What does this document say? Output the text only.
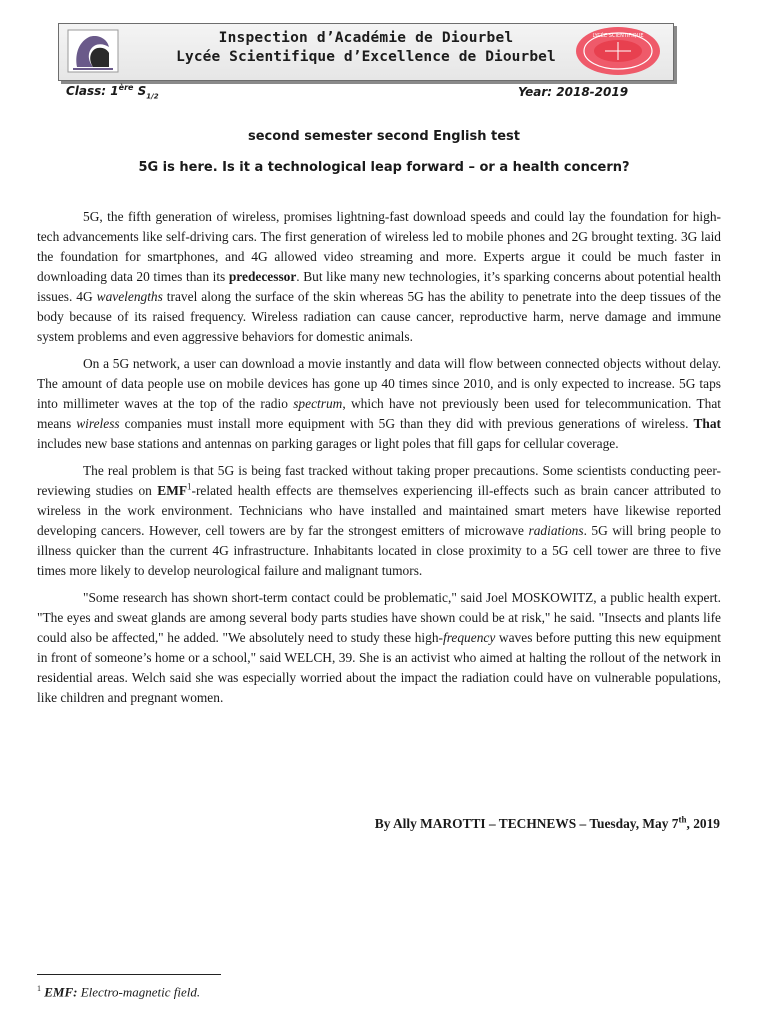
Inspection d’Académie de Diourbel
Lycée Scientifique d’Excellence de Diourbel
LYCÉE SCIENTIFIQUE
Class: 1ère $S_{1/2}$	Year: 2018-2019
second semester second English test
5G is here. Is it a technological leap forward – or a health concern?

5G, the fifth generation of wireless, promises lightning-fast download speeds and could lay the foundation for high-tech advancements like self-driving cars. The first generation of wireless led to mobile phones and 2G brought texting. 3G laid the foundation for smartphones, and 4G allowed video streaming and more. Experts argue it could be much faster in downloading data 20 times than its predecessor. But like many new technologies, it’s sparking concerns about potential health issues. 4G wavelengths travel along the surface of the skin whereas 5G has the ability to penetrate into the deep tissues of the body because of its raised frequency. Wireless radiation can cause cancer, reproductive harm, nerve damage and immune system problems and even aggressive behaviors for domestic animals.

On a 5G network, a user can download a movie instantly and data will flow between connected objects without delay. The amount of data people use on mobile devices has gone up 40 times since 2010, and is only expected to increase. 5G taps into millimeter waves at the top of the radio spectrum, which have not previously been used for telecommunication. That means wireless companies must install more equipment with 5G than they did with previous generations of wireless. That includes new base stations and antennas on parking garages or light poles that fill gaps for cellular coverage.

The real problem is that 5G is being fast tracked without taking proper precautions. Some scientists conducting peer-reviewing studies on EMF$^1$-related health effects are themselves experiencing ill-effects such as brain cancer attributed to wireless in the work environment. Technicians who have installed and maintained smart meters have likewise reported developing cancers. However, cell towers are by far the strongest emitters of microwave radiations. 5G will bring people to illness quicker than the current 4G infrastructure. Inhabitants located in close proximity to a 5G cell tower are three to five times more likely to develop neurological failure and malignant tumors.

"Some research has shown short-term contact could be problematic," said Joel MOSKOWITZ, a public health expert. "The eyes and sweat glands are among several body parts studies have shown could be at risk," he said. "Insects and plants life could also be affected," he added. "We absolutely need to study these high-frequency waves before putting this new equipment in front of someone’s home or a school," said WELCH, 39. She is an activist who aimed at halting the rollout of the network in residential areas. Welch said she was especially worried about the impact the radiation could have on vulnerable populations, like children and pregnant women.

By Ally MAROTTI – TECHNEWS – Tuesday, May 7th, 2019
$^1$ EMF: Electro-magnetic field.
